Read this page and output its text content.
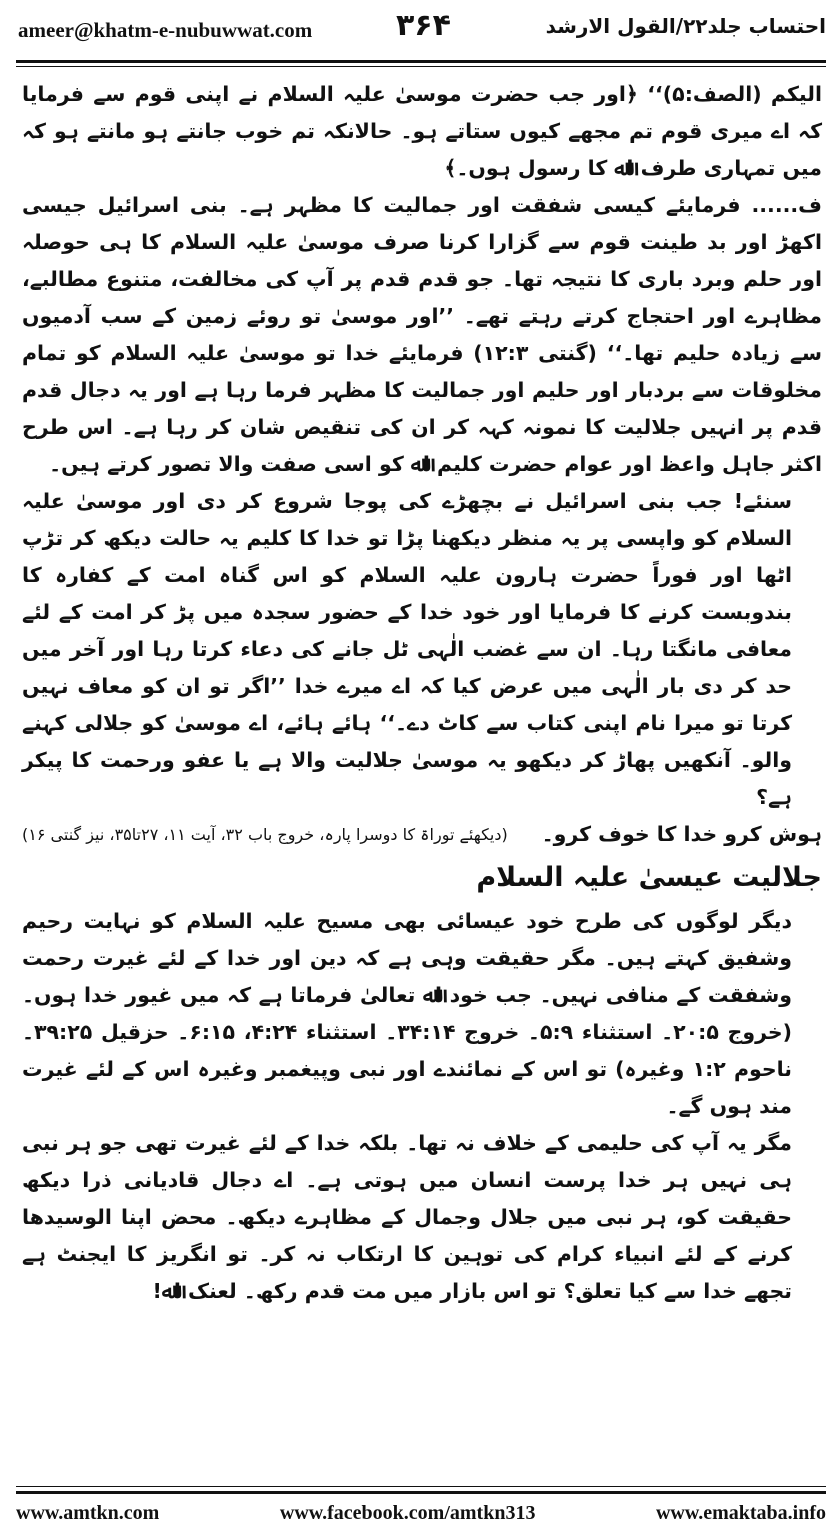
ameer@khatm-e-nubuwwat.com	۳۶۴	احتساب جلد۲۲/القول الارشد

الیکم (الصف:۵)‘‘ ﴿اور جب حضرت موسیٰ علیہ السلام نے اپنی قوم سے فرمایا کہ اے میری قوم تم مجھے کیوں ستاتے ہو۔ حالانکہ تم خوب جانتے ہو مانتے ہو کہ میں تمہاری طرف اﷲ کا رسول ہوں۔﴾

ف...... فرمایئے کیسی شفقت اور جمالیت کا مظہر ہے۔ بنی اسرائیل جیسی اکھڑ اور بد طینت قوم سے گزارا کرنا صرف موسیٰ علیہ السلام کا ہی حوصلہ اور حلم وبرد باری کا نتیجہ تھا۔ جو قدم قدم پر آپ کی مخالفت، متنوع مطالبے، مظاہرے اور احتجاج کرتے رہتے تھے۔ ’’اور موسیٰ تو روئے زمین کے سب آدمیوں سے زیادہ حلیم تھا۔‘‘ (گنتی ۱۲:۳) فرمایئے خدا تو موسیٰ علیہ السلام کو تمام مخلوقات سے بردبار اور حلیم اور جمالیت کا مظہر فرما رہا ہے اور یہ دجال قدم قدم پر انہیں جلالیت کا نمونہ کہہ کر ان کی تنقیص شان کر رہا ہے۔ اس طرح اکثر جاہل واعظ اور عوام حضرت کلیم اﷲ کو اسی صفت والا تصور کرتے ہیں۔

سنئے! جب بنی اسرائیل نے بچھڑے کی پوجا شروع کر دی اور موسیٰ علیہ السلام کو واپسی پر یہ منظر دیکھنا پڑا تو خدا کا کلیم یہ حالت دیکھ کر تڑپ اٹھا اور فوراً حضرت ہارون علیہ السلام کو اس گناہ امت کے کفارہ کا بندوبست کرنے کا فرمایا اور خود خدا کے حضور سجدہ میں پڑ کر امت کے لئے معافی مانگتا رہا۔ ان سے غضب الٰہی ٹل جانے کی دعاء کرتا رہا اور آخر میں حد کر دی بار الٰہی میں عرض کیا کہ اے میرے خدا ’’اگر تو ان کو معاف نہیں کرتا تو میرا نام اپنی کتاب سے کاٹ دے۔‘‘ ہائے ہائے، اے موسیٰ کو جلالی کہنے والو۔ آنکھیں پھاڑ کر دیکھو یہ موسیٰ جلالیت والا ہے یا عفو ورحمت کا پیکر ہے؟

ہوش کرو خدا کا خوف کرو۔
(دیکھئے توراۃ کا دوسرا پارہ، خروج باب ۳۲، آیت ۱۱، ۲۷تا۳۵، نیز گنتی ۱۶)

جلالیت عیسیٰ علیہ السلام

دیگر لوگوں کی طرح خود عیسائی بھی مسیح علیہ السلام کو نہایت رحیم وشفیق کہتے ہیں۔ مگر حقیقت وہی ہے کہ دین اور خدا کے لئے غیرت رحمت وشفقت کے منافی نہیں۔ جب خود اﷲ تعالیٰ فرماتا ہے کہ میں غیور خدا ہوں۔ (خروج ۲۰:۵۔ استثناء ۵:۹۔ خروج ۳۴:۱۴۔ استثناء ۴:۲۴، ۶:۱۵۔ حزقیل ۳۹:۲۵۔ ناحوم ۱:۲ وغیرہ) تو اس کے نمائندے اور نبی وپیغمبر وغیرہ اس کے لئے غیرت مند ہوں گے۔

مگر یہ آپ کی حلیمی کے خلاف نہ تھا۔ بلکہ خدا کے لئے غیرت تھی جو ہر نبی ہی نہیں ہر خدا پرست انسان میں ہوتی ہے۔ اے دجال قادیانی ذرا دیکھ حقیقت کو، ہر نبی میں جلال وجمال کے مظاہرے دیکھ۔ محض اپنا الوسیدھا کرنے کے لئے انبیاء کرام کی توہین کا ارتکاب نہ کر۔ تو انگریز کا ایجنٹ ہے تجھے خدا سے کیا تعلق؟ تو اس بازار میں مت قدم رکھ۔ لعنک اﷲ!

www.amtkn.com	www.facebook.com/amtkn313	www.emaktaba.info
